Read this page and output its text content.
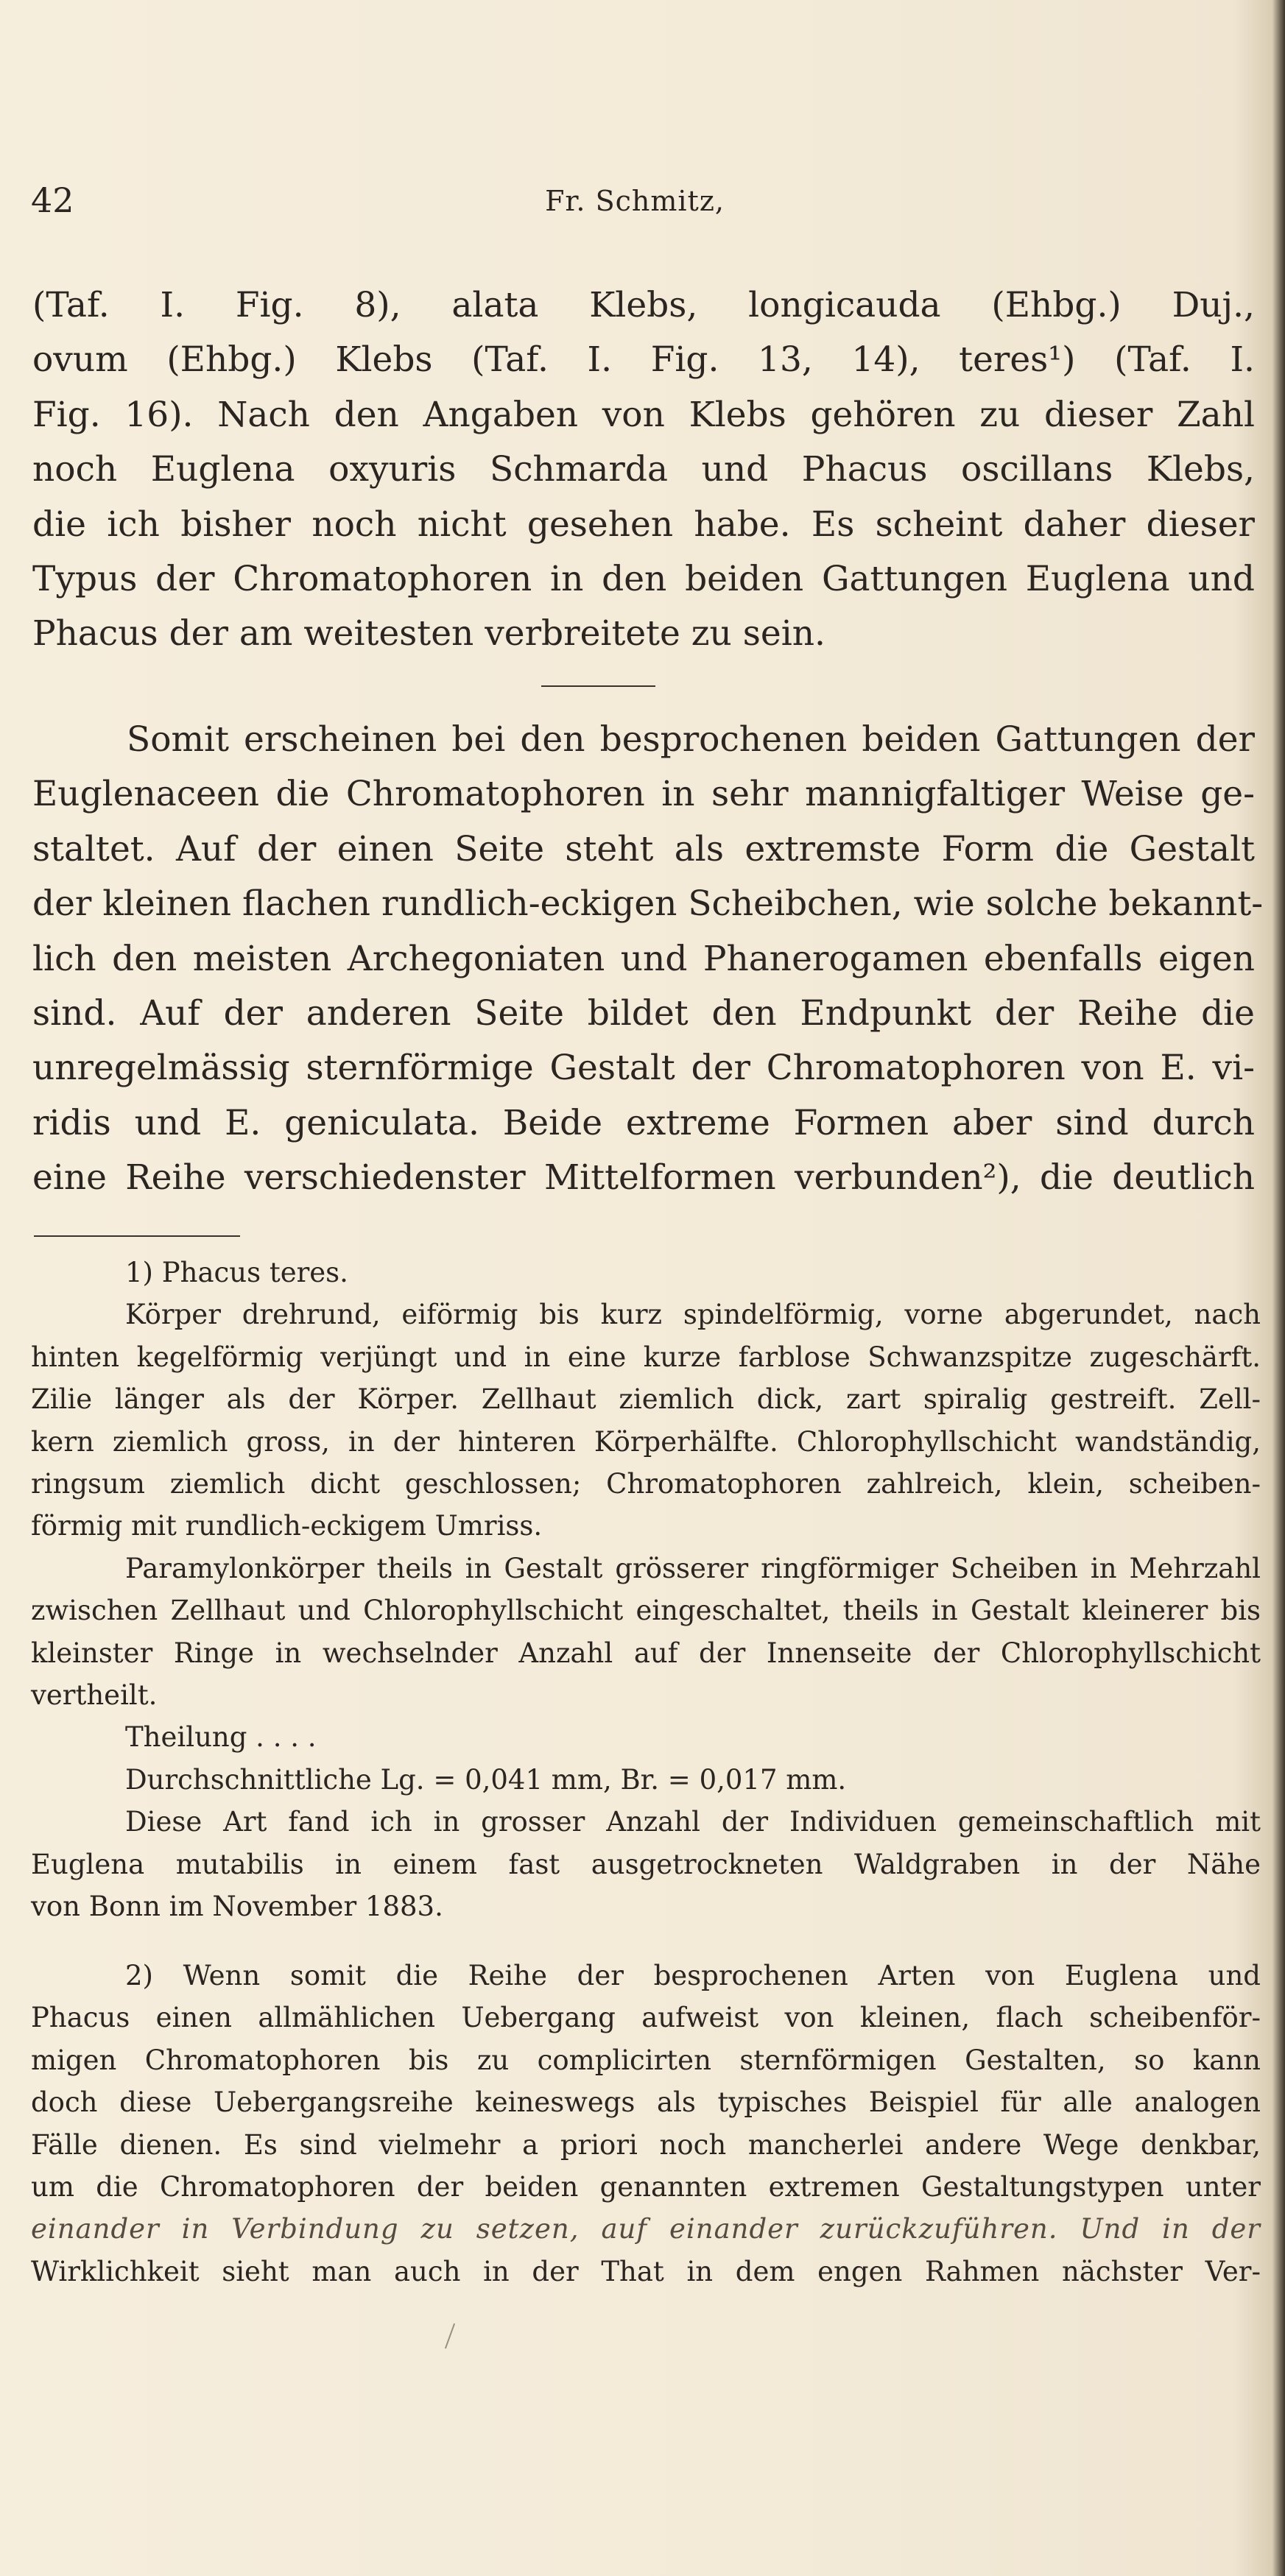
42	Fr. Schmitz,
(Taf. I. Fig. 8), alata Klebs, longicauda (Ehbg.) Duj.,
ovum (Ehbg.) Klebs (Taf. I. Fig. 13, 14), teres¹) (Taf. I.
Fig. 16). Nach den Angaben von Klebs gehören zu dieser Zahl
noch Euglena oxyuris Schmarda und Phacus oscillans Klebs,
die ich bisher noch nicht gesehen habe. Es scheint daher dieser
Typus der Chromatophoren in den beiden Gattungen Euglena und
Phacus der am weitesten verbreitete zu sein.
Somit erscheinen bei den besprochenen beiden Gattungen der
Euglenaceen die Chromatophoren in sehr mannigfaltiger Weise ge-
staltet. Auf der einen Seite steht als extremste Form die Gestalt
der kleinen flachen rundlich-eckigen Scheibchen, wie solche bekannt-
lich den meisten Archegoniaten und Phanerogamen ebenfalls eigen
sind. Auf der anderen Seite bildet den Endpunkt der Reihe die
unregelmässig sternförmige Gestalt der Chromatophoren von E. vi-
ridis und E. geniculata. Beide extreme Formen aber sind durch
eine Reihe verschiedenster Mittelformen verbunden²), die deutlich
1) Phacus teres.
Körper drehrund, eiförmig bis kurz spindelförmig, vorne abgerundet, nach
hinten kegelförmig verjüngt und in eine kurze farblose Schwanzspitze zugeschärft.
Zilie länger als der Körper. Zellhaut ziemlich dick, zart spiralig gestreift. Zell-
kern ziemlich gross, in der hinteren Körperhälfte. Chlorophyllschicht wandständig,
ringsum ziemlich dicht geschlossen; Chromatophoren zahlreich, klein, scheiben-
förmig mit rundlich-eckigem Umriss.
Paramylonkörper theils in Gestalt grösserer ringförmiger Scheiben in Mehrzahl
zwischen Zellhaut und Chlorophyllschicht eingeschaltet, theils in Gestalt kleinerer bis
kleinster Ringe in wechselnder Anzahl auf der Innenseite der Chlorophyllschicht
vertheilt.
Theilung . . . .
Durchschnittliche Lg. = 0,041 mm, Br. = 0,017 mm.
Diese Art fand ich in grosser Anzahl der Individuen gemeinschaftlich mit
Euglena mutabilis in einem fast ausgetrockneten Waldgraben in der Nähe
von Bonn im November 1883.
2) Wenn somit die Reihe der besprochenen Arten von Euglena und
Phacus einen allmählichen Uebergang aufweist von kleinen, flach scheibenför-
migen Chromatophoren bis zu complicirten sternförmigen Gestalten, so kann
doch diese Uebergangsreihe keineswegs als typisches Beispiel für alle analogen
Fälle dienen. Es sind vielmehr a priori noch mancherlei andere Wege denkbar,
um die Chromatophoren der beiden genannten extremen Gestaltungstypen unter
einander in Verbindung zu setzen, auf einander zurückzuführen. Und in der
Wirklichkeit sieht man auch in der That in dem engen Rahmen nächster Ver-
